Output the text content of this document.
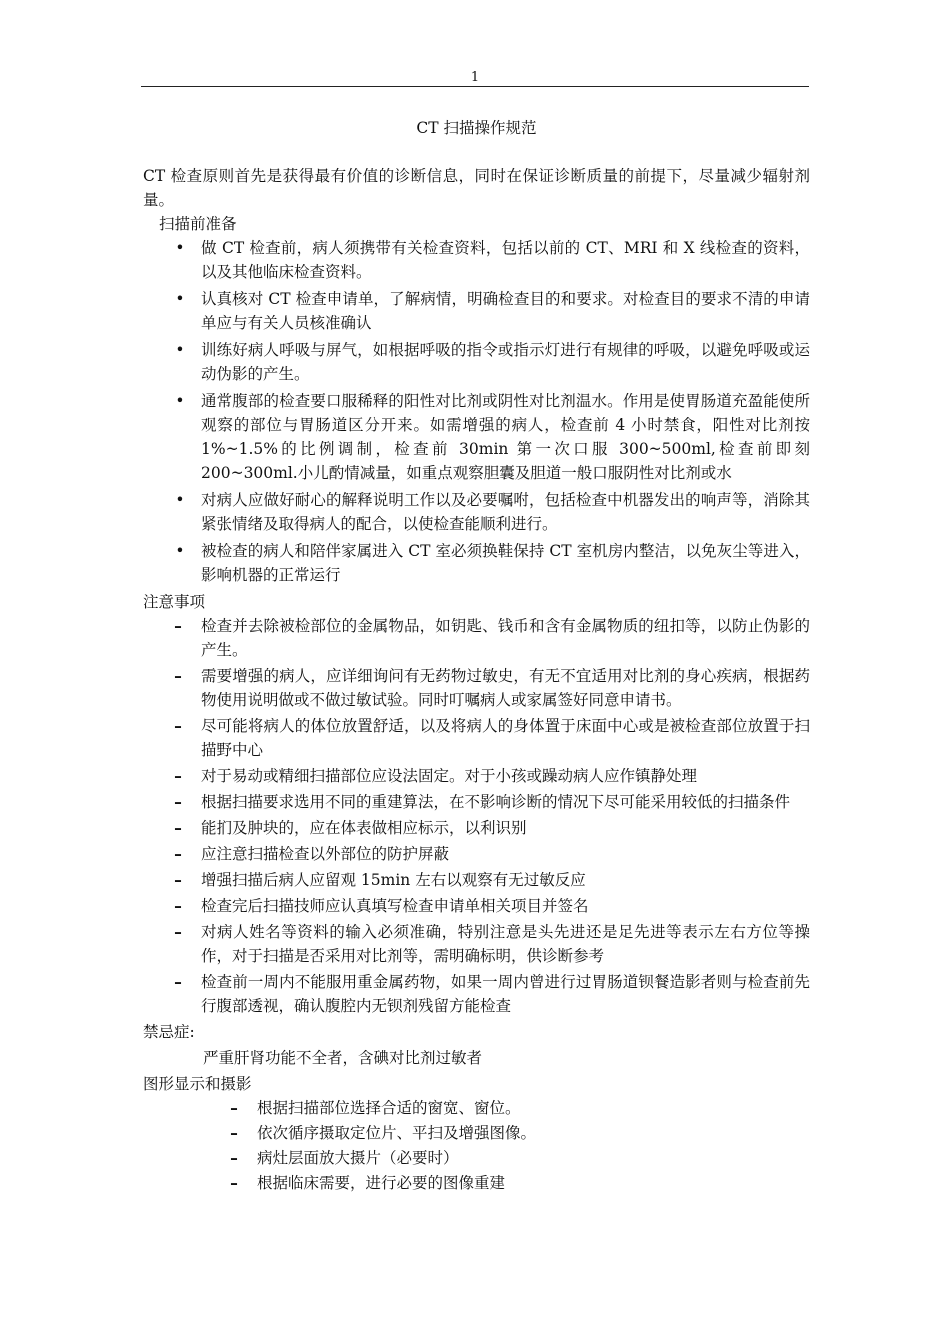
1
CT 扫描操作规范

CT 检查原则首先是获得最有价值的诊断信息，同时在保证诊断质量的前提下，尽量减少辐射剂量。

扫描前准备

• 做 CT 检查前，病人须携带有关检查资料，包括以前的 CT、MRI 和 X 线检查的资料，以及其他临床检查资料。
• 认真核对 CT 检查申请单，了解病情，明确检查目的和要求。对检查目的要求不清的申请单应与有关人员核准确认
• 训练好病人呼吸与屏气，如根据呼吸的指令或指示灯进行有规律的呼吸，以避免呼吸或运动伪影的产生。
• 通常腹部的检查要口服稀释的阳性对比剂或阴性对比剂温水。作用是使胃肠道充盈能使所观察的部位与胃肠道区分开来。如需增强的病人，检查前 4 小时禁食，阳性对比剂按 1%~1.5%的比例调制，检查前 30min 第一次口服 300~500ml,检查前即刻 200~300ml.小儿酌情减量，如重点观察胆囊及胆道一般口服阴性对比剂或水
• 对病人应做好耐心的解释说明工作以及必要嘱咐，包括检查中机器发出的响声等，消除其紧张情绪及取得病人的配合，以使检查能顺利进行。
• 被检查的病人和陪伴家属进入 CT 室必须换鞋保持 CT 室机房内整洁，以免灰尘等进入，影响机器的正常运行

注意事项

– 检查并去除被检部位的金属物品，如钥匙、钱币和含有金属物质的纽扣等，以防止伪影的产生。
– 需要增强的病人，应详细询问有无药物过敏史，有无不宜适用对比剂的身心疾病，根据药物使用说明做或不做过敏试验。同时叮嘱病人或家属签好同意申请书。
– 尽可能将病人的体位放置舒适，以及将病人的身体置于床面中心或是被检查部位放置于扫描野中心
– 对于易动或精细扫描部位应设法固定。对于小孩或躁动病人应作镇静处理
– 根据扫描要求选用不同的重建算法，在不影响诊断的情况下尽可能采用较低的扫描条件
– 能扪及肿块的，应在体表做相应标示，以利识别
– 应注意扫描检查以外部位的防护屏蔽
– 增强扫描后病人应留观 15min 左右以观察有无过敏反应
– 检查完后扫描技师应认真填写检查申请单相关项目并签名
– 对病人姓名等资料的输入必须准确，特别注意是头先进还是足先进等表示左右方位等操作，对于扫描是否采用对比剂等，需明确标明，供诊断参考
– 检查前一周内不能服用重金属药物，如果一周内曾进行过胃肠道钡餐造影者则与检查前先行腹部透视，确认腹腔内无钡剂残留方能检查

禁忌症:

严重肝肾功能不全者，含碘对比剂过敏者

图形显示和摄影

– 根据扫描部位选择合适的窗宽、窗位。
– 依次循序摄取定位片、平扫及增强图像。
– 病灶层面放大摄片（必要时）
– 根据临床需要，进行必要的图像重建
